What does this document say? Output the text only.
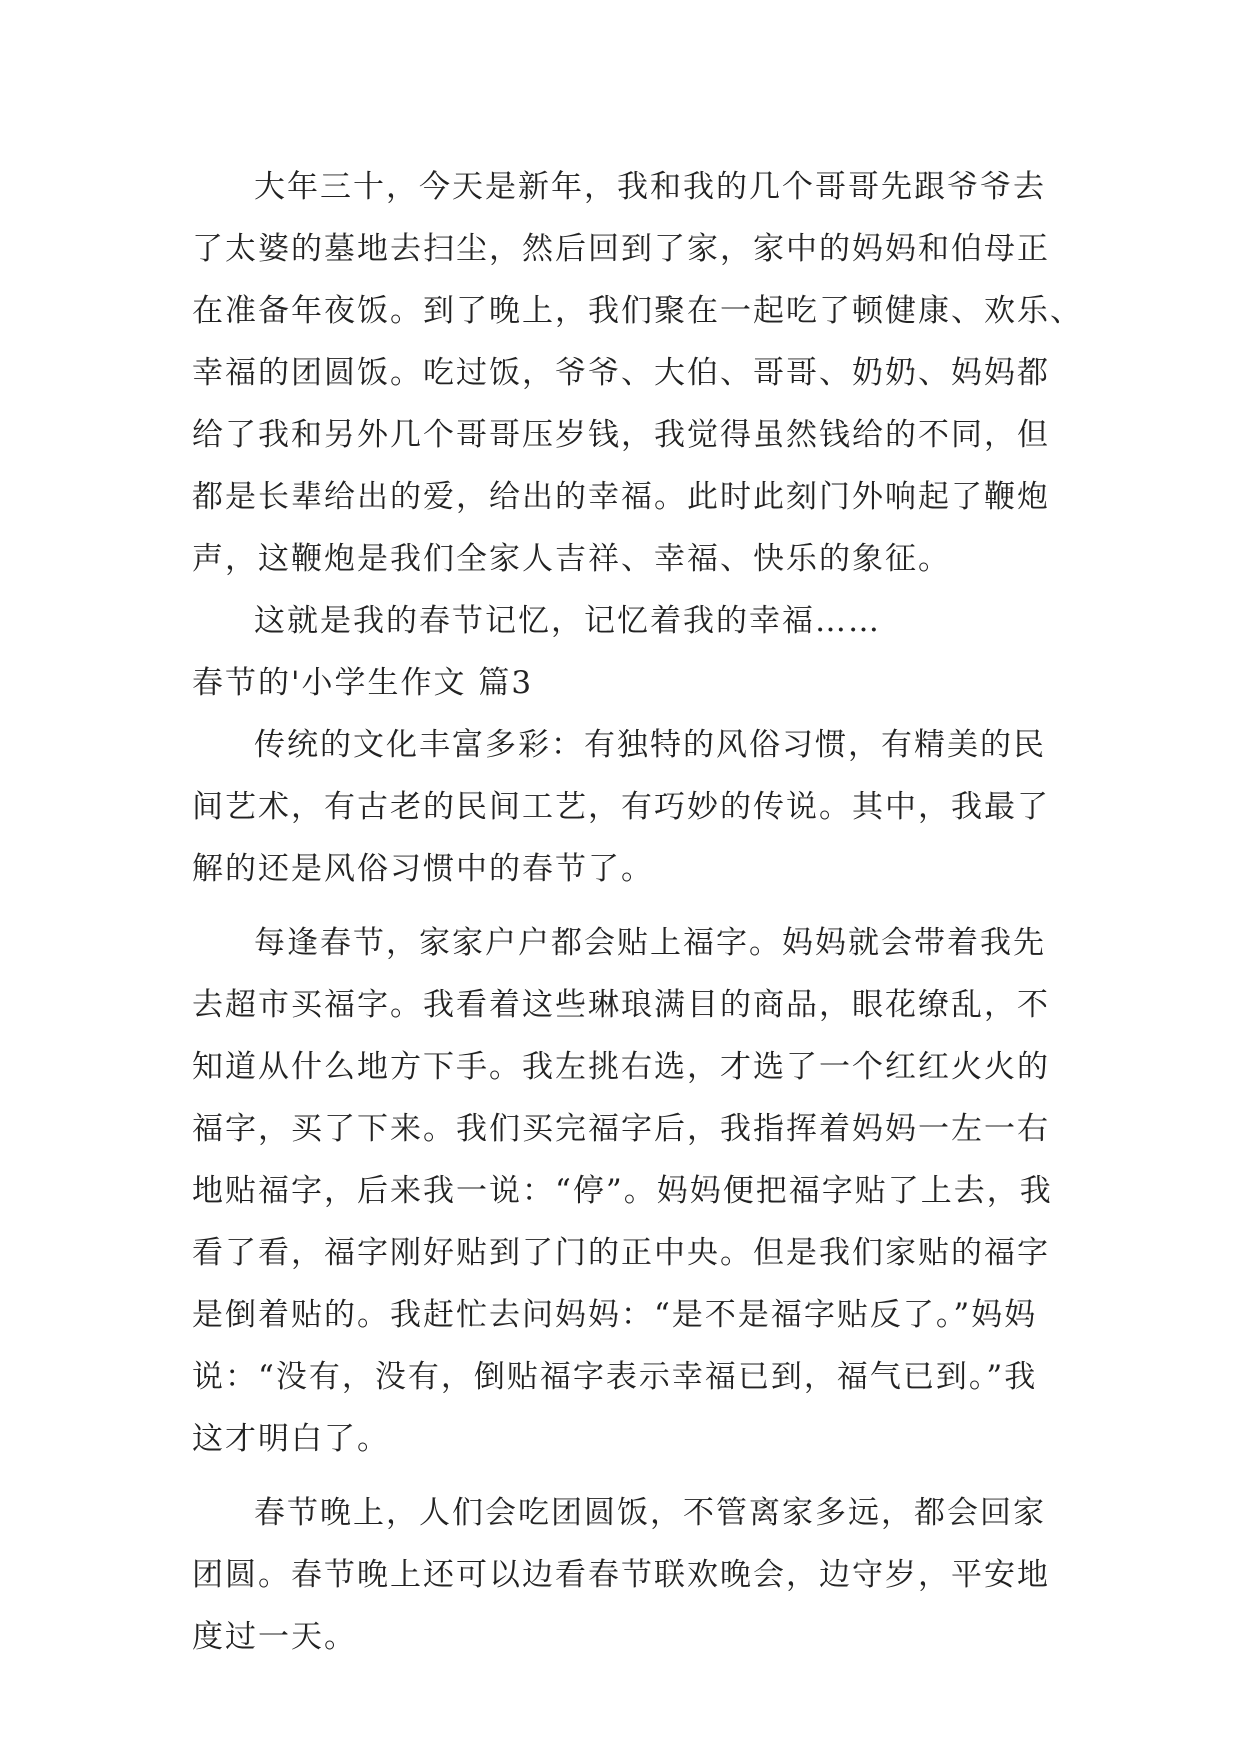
大年三十，今天是新年，我和我的几个哥哥先跟爷爷去
了太婆的墓地去扫尘，然后回到了家，家中的妈妈和伯母正
在准备年夜饭。到了晚上，我们聚在一起吃了顿健康、欢乐、
幸福的团圆饭。吃过饭，爷爷、大伯、哥哥、奶奶、妈妈都
给了我和另外几个哥哥压岁钱，我觉得虽然钱给的不同，但
都是长辈给出的爱，给出的幸福。此时此刻门外响起了鞭炮
声，这鞭炮是我们全家人吉祥、幸福、快乐的象征。
这就是我的春节记忆，记忆着我的幸福……
春节的'小学生作文 篇3
传统的文化丰富多彩：有独特的风俗习惯，有精美的民
间艺术，有古老的民间工艺，有巧妙的传说。其中，我最了
解的还是风俗习惯中的春节了。
每逢春节，家家户户都会贴上福字。妈妈就会带着我先
去超市买福字。我看着这些琳琅满目的商品，眼花缭乱，不
知道从什么地方下手。我左挑右选，才选了一个红红火火的
福字，买了下来。我们买完福字后，我指挥着妈妈一左一右
地贴福字，后来我一说：“停”。妈妈便把福字贴了上去，我
看了看，福字刚好贴到了门的正中央。但是我们家贴的福字
是倒着贴的。我赶忙去问妈妈：“是不是福字贴反了。”妈妈
说：“没有，没有，倒贴福字表示幸福已到，福气已到。”我
这才明白了。
春节晚上，人们会吃团圆饭，不管离家多远，都会回家
团圆。春节晚上还可以边看春节联欢晚会，边守岁，平安地
度过一天。
